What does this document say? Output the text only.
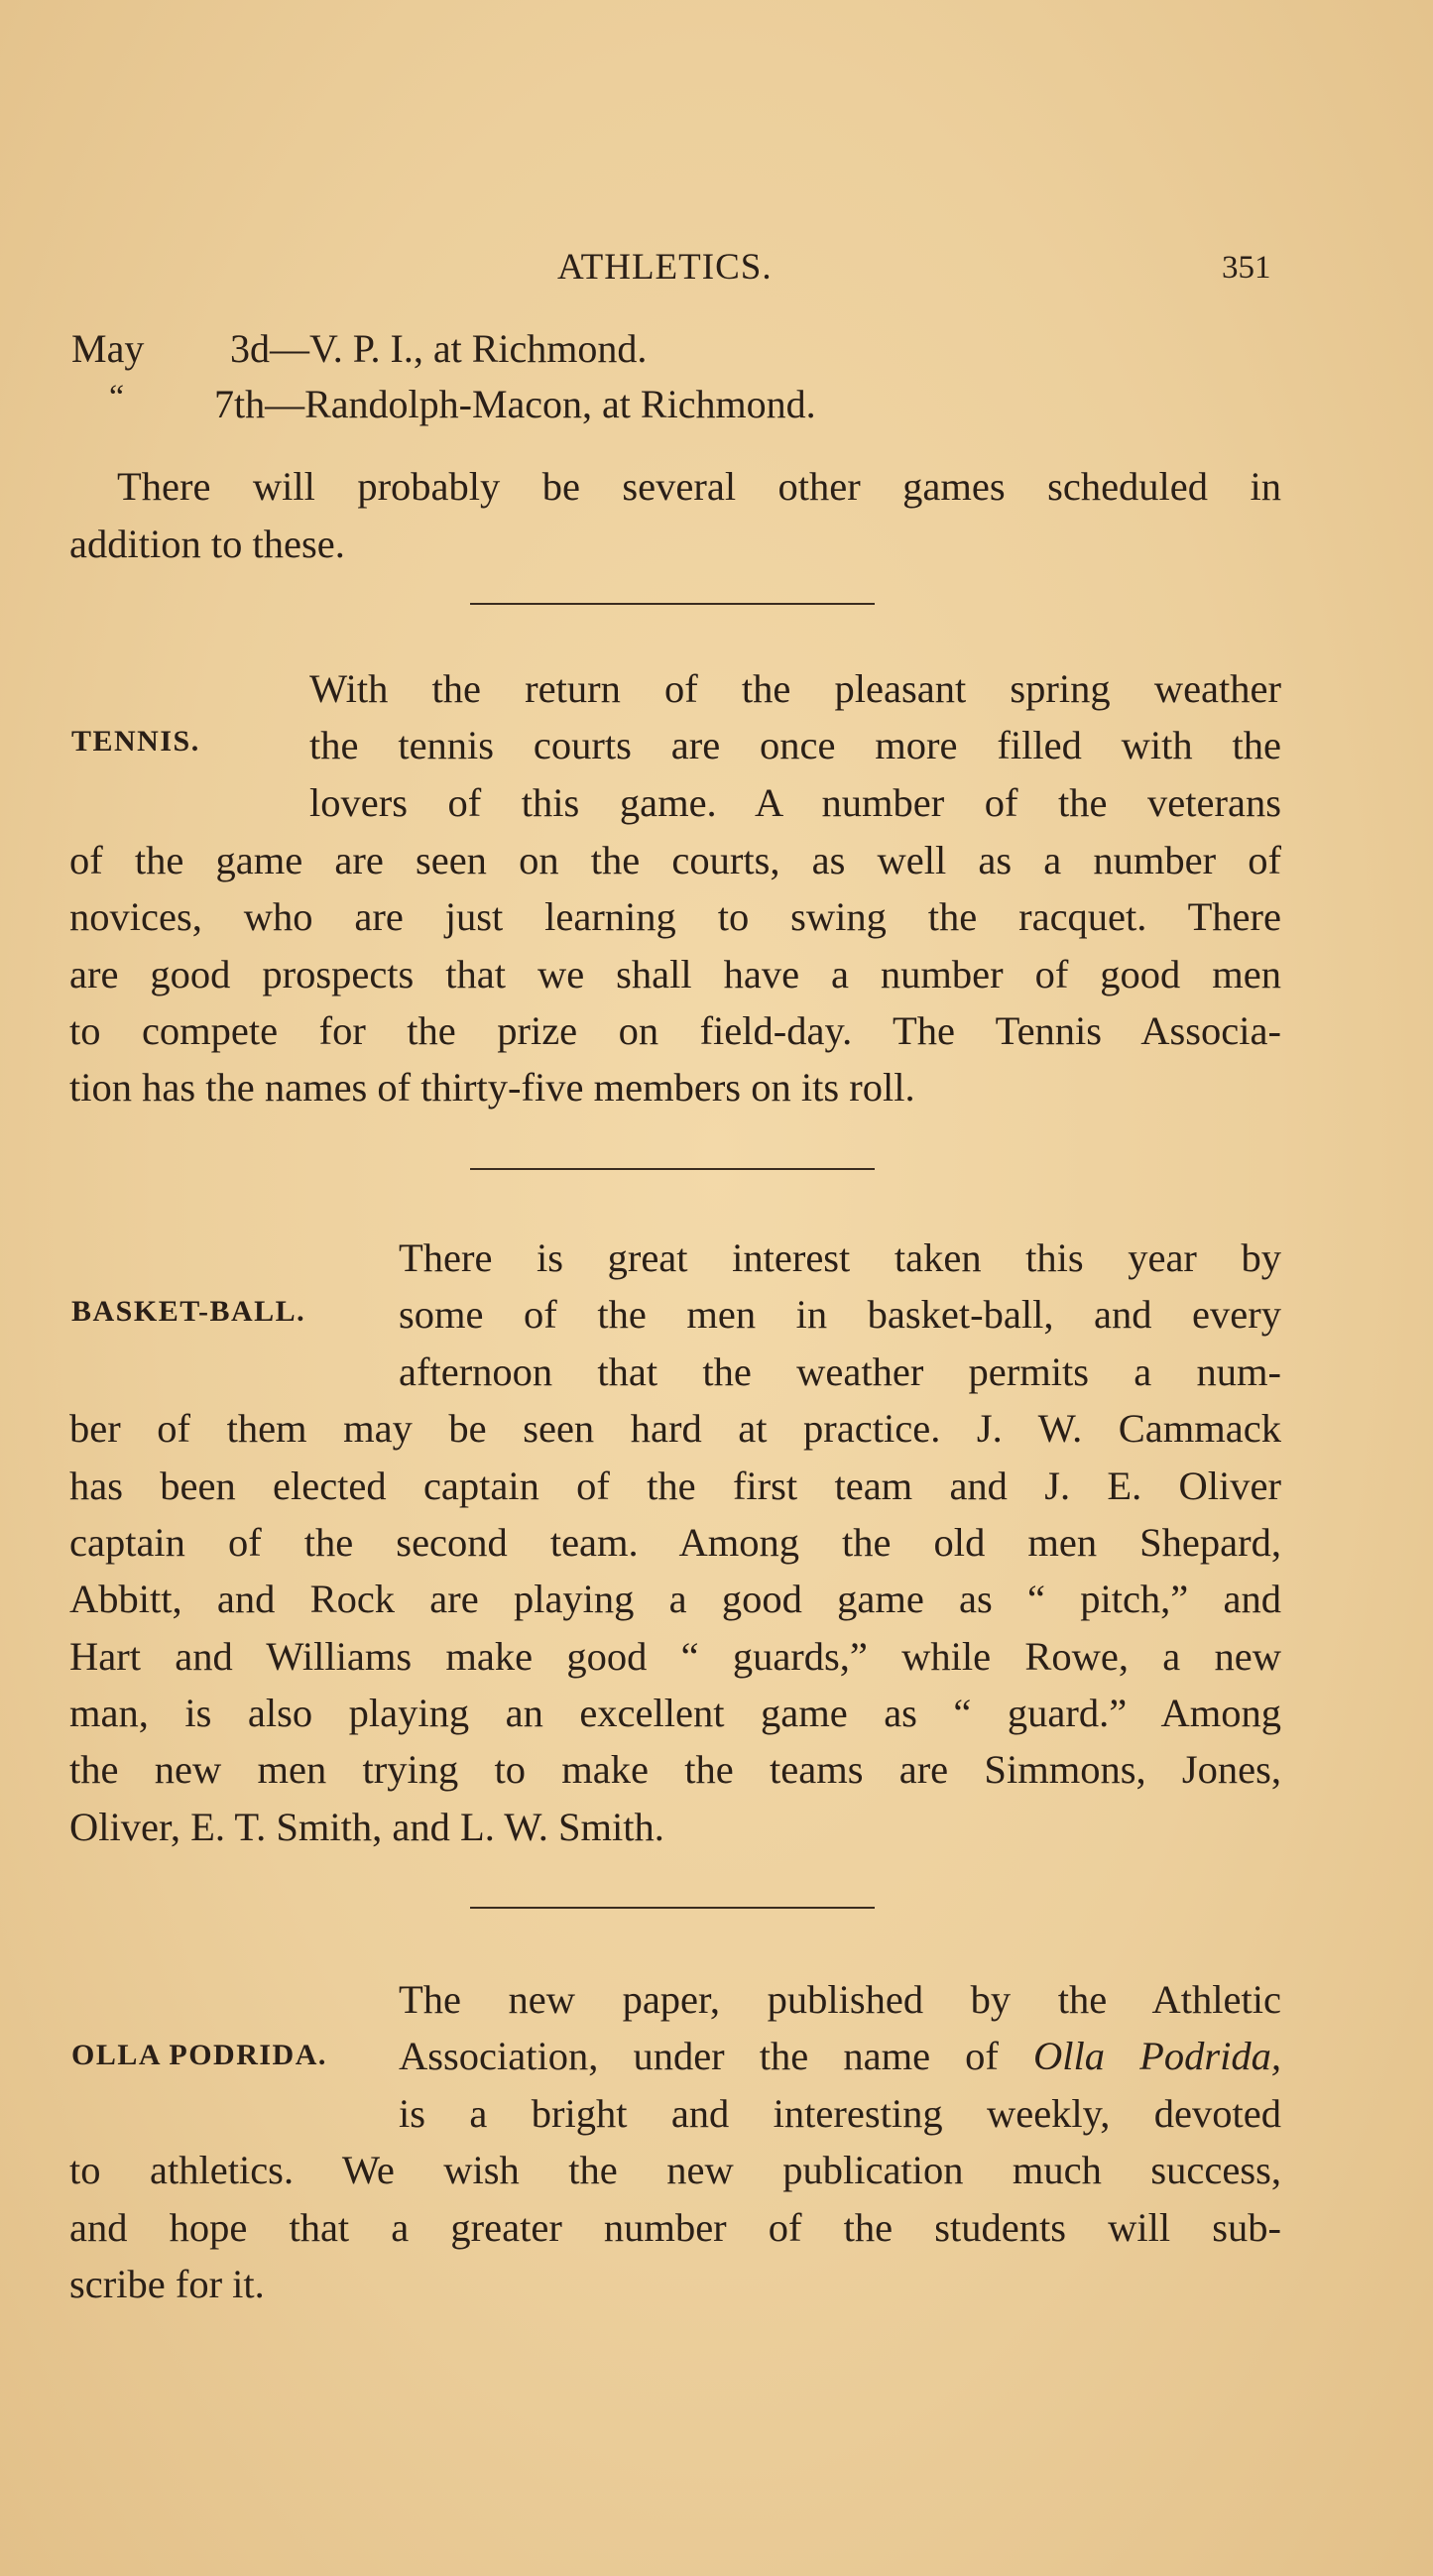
ATHLETICS.	351
May 3d—V. P. I., at Richmond.
“ 7th—Randolph-Macon, at Richmond.
There will probably be several other games scheduled in
addition to these.
TENNIS.
With the return of the pleasant spring weather
the tennis courts are once more filled with the
lovers of this game. A number of the veterans
of the game are seen on the courts, as well as a number of
novices, who are just learning to swing the racquet. There
are good prospects that we shall have a number of good men
to compete for the prize on field-day. The Tennis Associa-
tion has the names of thirty-five members on its roll.
BASKET-BALL.
There is great interest taken this year by
some of the men in basket-ball, and every
afternoon that the weather permits a num-
ber of them may be seen hard at practice. J. W. Cammack
has been elected captain of the first team and J. E. Oliver
captain of the second team. Among the old men Shepard,
Abbitt, and Rock are playing a good game as “ pitch,” and
Hart and Williams make good “ guards,” while Rowe, a new
man, is also playing an excellent game as “ guard.” Among
the new men trying to make the teams are Simmons, Jones,
Oliver, E. T. Smith, and L. W. Smith.
OLLA PODRIDA.
The new paper, published by the Athletic
Association, under the name of Olla Podrida,
is a bright and interesting weekly, devoted
to athletics. We wish the new publication much success,
and hope that a greater number of the students will sub-
scribe for it.
